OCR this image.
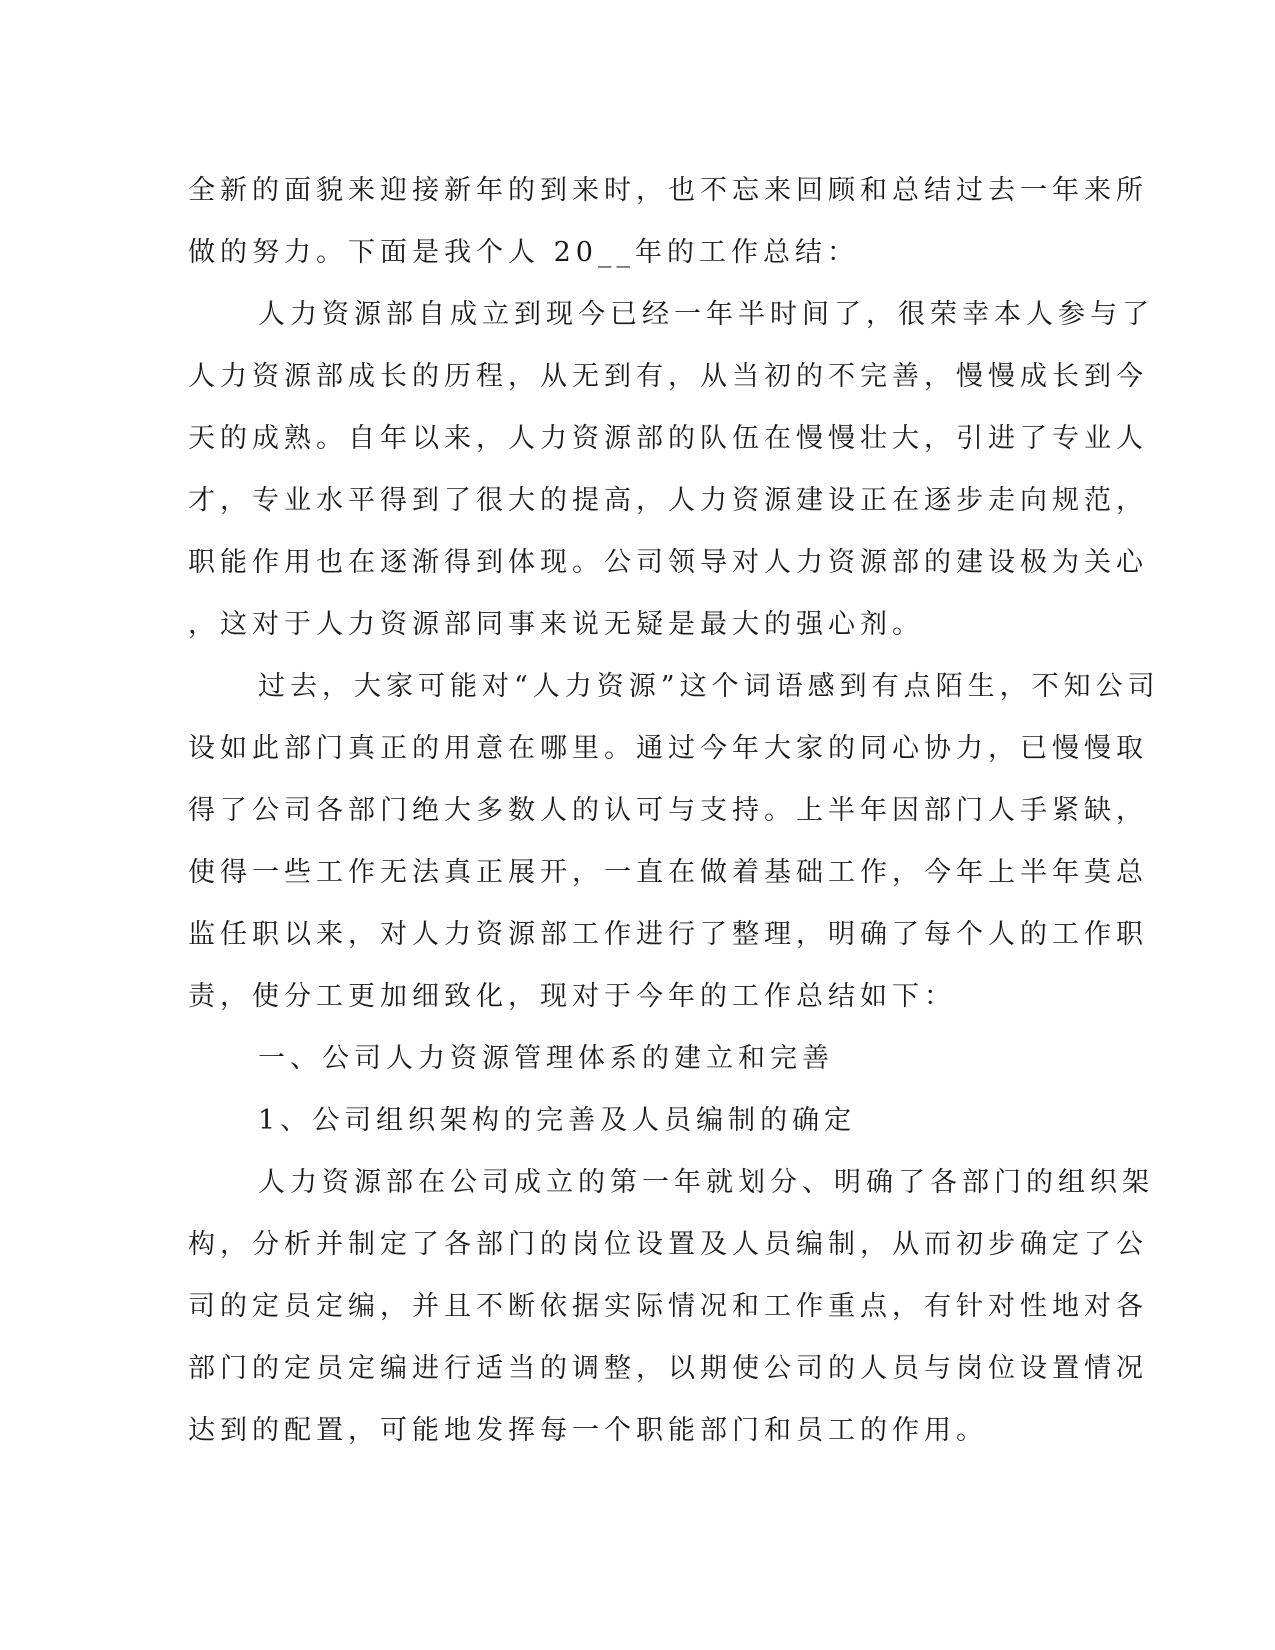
全新的面貌来迎接新年的到来时，也不忘来回顾和总结过去一年来所
做的努力。下面是我个人 20__年的工作总结：
人力资源部自成立到现今已经一年半时间了，很荣幸本人参与了
人力资源部成长的历程，从无到有，从当初的不完善，慢慢成长到今
天的成熟。自年以来，人力资源部的队伍在慢慢壮大，引进了专业人
才，专业水平得到了很大的提高，人力资源建设正在逐步走向规范，
职能作用也在逐渐得到体现。公司领导对人力资源部的建设极为关心
，这对于人力资源部同事来说无疑是最大的强心剂。
过去，大家可能对“人力资源”这个词语感到有点陌生，不知公司
设如此部门真正的用意在哪里。通过今年大家的同心协力，已慢慢取
得了公司各部门绝大多数人的认可与支持。上半年因部门人手紧缺，
使得一些工作无法真正展开，一直在做着基础工作，今年上半年莫总
监任职以来，对人力资源部工作进行了整理，明确了每个人的工作职
责，使分工更加细致化，现对于今年的工作总结如下：
一、公司人力资源管理体系的建立和完善
1、公司组织架构的完善及人员编制的确定
人力资源部在公司成立的第一年就划分、明确了各部门的组织架
构，分析并制定了各部门的岗位设置及人员编制，从而初步确定了公
司的定员定编，并且不断依据实际情况和工作重点，有针对性地对各
部门的定员定编进行适当的调整，以期使公司的人员与岗位设置情况
达到的配置，可能地发挥每一个职能部门和员工的作用。
